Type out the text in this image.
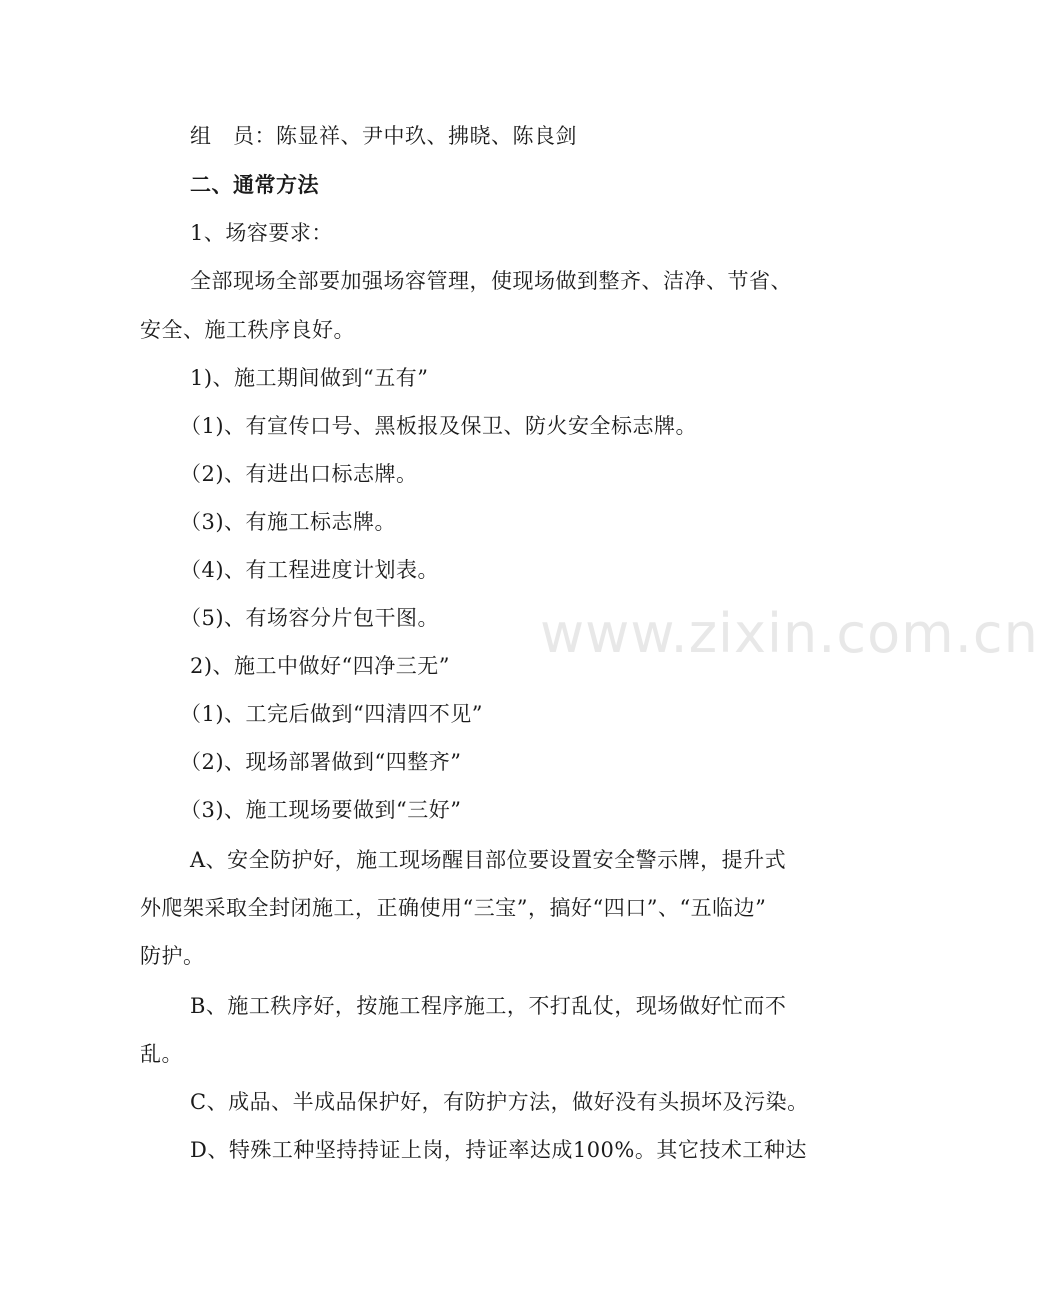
组　员：陈显祥、尹中玖、拂晓、陈良剑
二、通常方法
1、场容要求：
全部现场全部要加强场容管理，使现场做到整齐、洁净、节省、
安全、施工秩序良好。
1)、施工期间做到“五有”
（1)、有宣传口号、黑板报及保卫、防火安全标志牌。
（2)、有进出口标志牌。
（3)、有施工标志牌。
（4)、有工程进度计划表。
（5)、有场容分片包干图。
2)、施工中做好“四净三无”
（1)、工完后做到“四清四不见”
（2)、现场部署做到“四整齐”
（3)、施工现场要做到“三好”
A、安全防护好，施工现场醒目部位要设置安全警示牌，提升式
外爬架采取全封闭施工，正确使用“三宝”，搞好“四口”、“五临边”
防护。
B、施工秩序好，按施工程序施工，不打乱仗，现场做好忙而不
乱。
C、成品、半成品保护好，有防护方法，做好没有头损坏及污染。
D、特殊工种坚持持证上岗，持证率达成100%。其它技术工种达
www.zixin.com.cn
